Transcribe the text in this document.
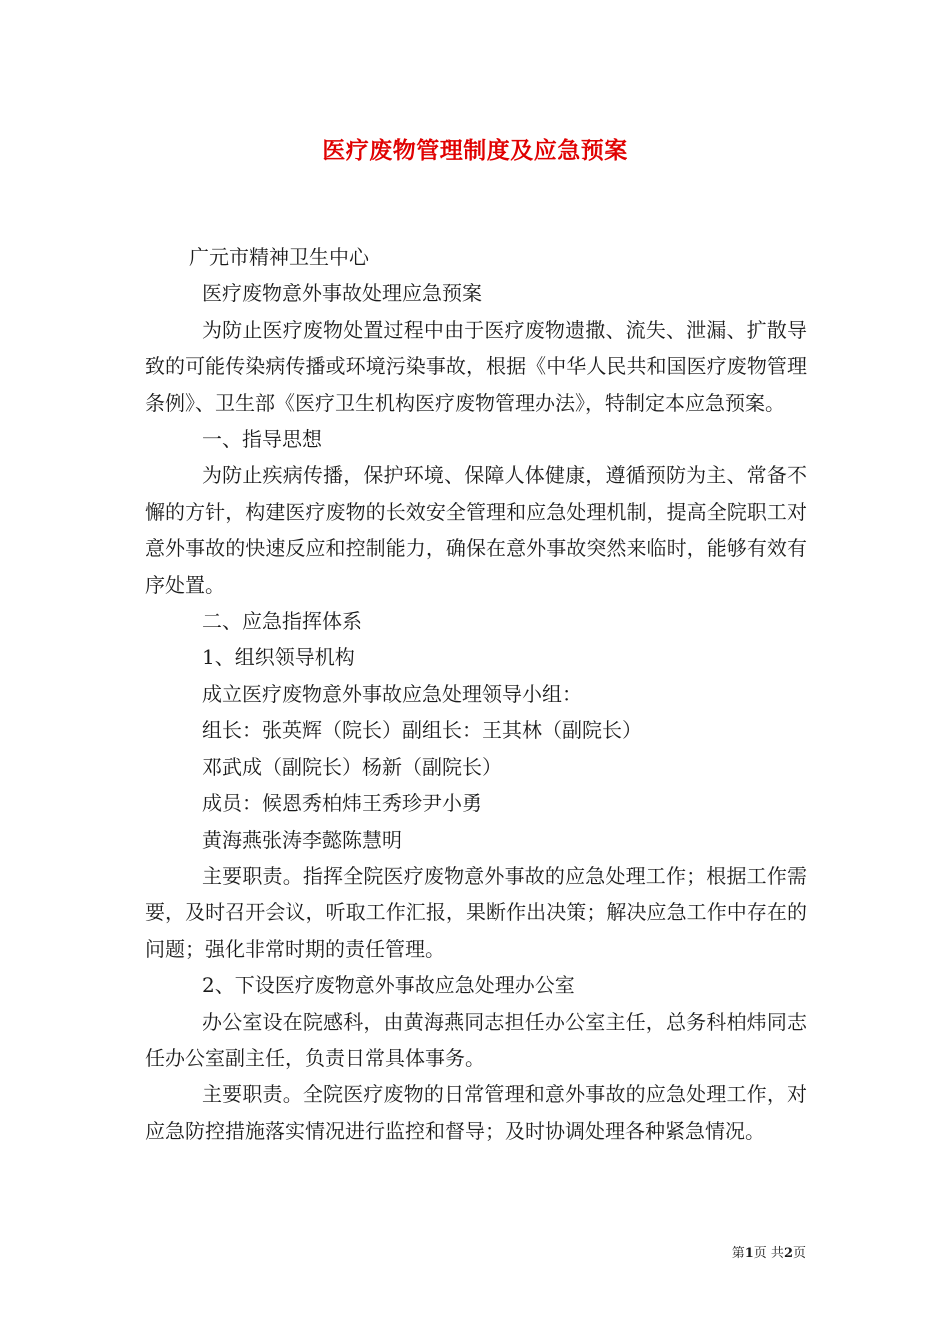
医疗废物管理制度及应急预案

广元市精神卫生中心

医疗废物意外事故处理应急预案

为防止医疗废物处置过程中由于医疗废物遗撒、流失、泄漏、扩散导致的可能传染病传播或环境污染事故，根据《中华人民共和国医疗废物管理条例》、卫生部《医疗卫生机构医疗废物管理办法》，特制定本应急预案。

一、指导思想

为防止疾病传播，保护环境、保障人体健康，遵循预防为主、常备不懈的方针，构建医疗废物的长效安全管理和应急处理机制，提高全院职工对意外事故的快速反应和控制能力，确保在意外事故突然来临时，能够有效有序处置。

二、应急指挥体系

1、组织领导机构

成立医疗废物意外事故应急处理领导小组：

组长：张英辉（院长）副组长：王其林（副院长）

邓武成（副院长）杨新（副院长）

成员：候恩秀柏炜王秀珍尹小勇

黄海燕张涛李懿陈慧明

主要职责。指挥全院医疗废物意外事故的应急处理工作；根据工作需要，及时召开会议，听取工作汇报，果断作出决策；解决应急工作中存在的问题；强化非常时期的责任管理。

2、下设医疗废物意外事故应急处理办公室

办公室设在院感科，由黄海燕同志担任办公室主任，总务科柏炜同志任办公室副主任，负责日常具体事务。

主要职责。全院医疗废物的日常管理和意外事故的应急处理工作，对应急防控措施落实情况进行监控和督导；及时协调处理各种紧急情况。

第1页 共2页
